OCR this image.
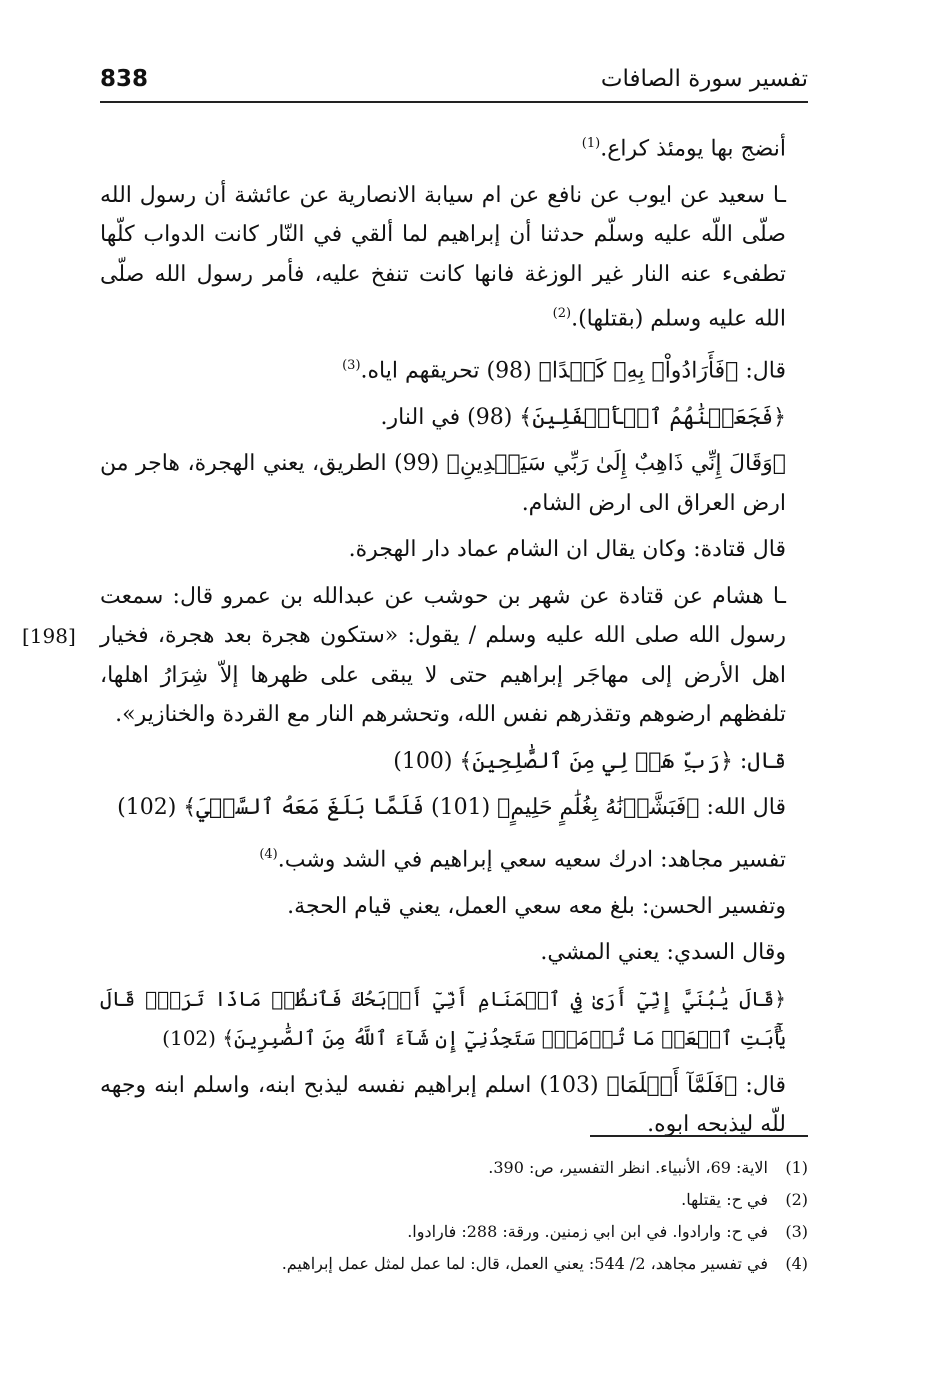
تفسير سورة الصافات
838

أنضج بها يومئذ كراع.$^{(1)}$

ـا سعيد عن ايوب عن نافع عن ام سيابة الانصارية عن عائشة أن رسول الله صلّى اللّه عليه وسلّم حدثنا أن إبراهيم لما ألقي في النّار كانت الدواب كلّها تطفىء عنه النار غير الوزغة فانها كانت تنفخ عليه، فأمر رسول الله صلّى الله عليه وسلم (بقتلها).$^{(2)}$

قال: ﴿فَأَرَادُواْ﴾ بِهِۦ كَيۡدًا﴾ (98) تحريقهم اياه.$^{(3)}$

﴿فَجَعَلۡنَٰهُمُ ٱلۡأَسۡفَلِينَ﴾ (98) في النار.

﴿وَقَالَ إِنِّي ذَاهِبٌ إِلَىٰ رَبِّي سَيَهۡدِينِ﴾ (99) الطريق، يعني الهجرة، هاجر من ارض العراق الى ارض الشام.

قال قتادة: وكان يقال ان الشام عماد دار الهجرة.

[198]
ـا هشام عن قتادة عن شهر بن حوشب عن عبدالله بن عمرو قال: سمعت رسول الله صلى الله عليه وسلم / يقول: «ستكون هجرة بعد هجرة، فخيار اهل الأرض إلى مهاجَر إبراهيم حتى لا يبقى على ظهرها إلاّ شِرَارُ اهلها، تلفظهم ارضوهم وتقذرهم نفس الله، وتحشرهم النار مع القردة والخنازير».

قال: ﴿رَبِّ هَبۡ لِي مِنَ ٱلصَّٰلِحِينَ﴾ (100)

قال الله: ﴿فَبَشَّرۡنَٰهُ بِغُلَٰمٍ حَلِيمٍ﴾ (101) فَلَمَّا بَلَغَ مَعَهُ ٱلسَّعۡيَ﴾ (102)

تفسير مجاهد: ادرك سعيه سعي إبراهيم في الشد وشب.$^{(4)}$

وتفسير الحسن: بلغ معه سعي العمل، يعني قيام الحجة.

وقال السدي: يعني المشي.

﴿قَالَ يَٰبُنَيَّ إِنِّيٓ أَرَىٰ فِي ٱلۡمَنَامِ أَنِّيٓ أَذۡبَحُكَ فَٱنظُرۡ مَاذَا تَرَىٰۚ قَالَ يَٰٓأَبَتِ ٱفۡعَلۡ مَا تُؤۡمَرُۖ سَتَجِدُنِيٓ إِن شَآءَ ٱللَّهُ مِنَ ٱلصَّٰبِرِينَ﴾ (102)

قال: ﴿فَلَمَّآ أَسۡلَمَا﴾ (103) اسلم إبراهيم نفسه ليذبح ابنه، واسلم ابنه وجهه للّه ليذبحه ابوه.

(1)
الاية: 69، الأنبياء. انظر التفسير، ص: 390.
(2)
في ح: يقتلها.
(3)
في ح: وارادوا. في ابن ابي زمنين. ورقة: 288: فارادوا.
(4)
في تفسير مجاهد، 2/ 544: يعني العمل، قال: لما عمل لمثل عمل إبراهيم.
